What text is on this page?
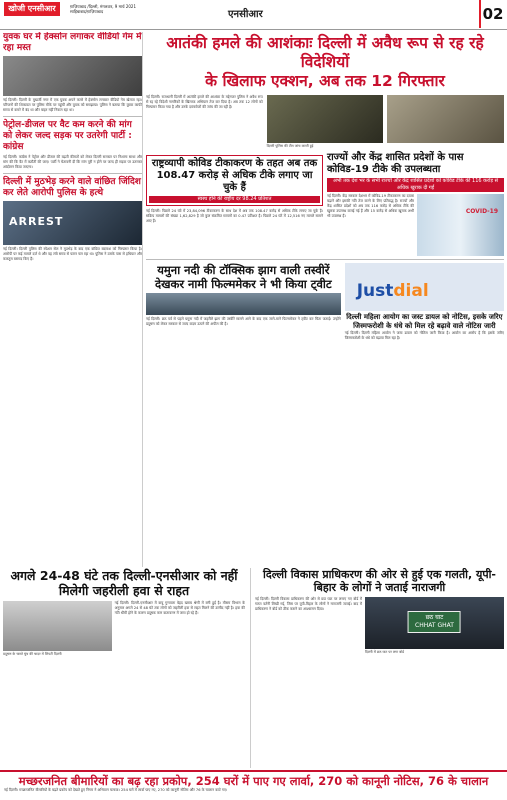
खोजी एनसीआर	ग़ाज़ियाबाद /दिल्ली, मंगलवार, 9 मार्च 2021
साहिबाबाद/ग़ाज़ियाबाद	एनसीआर	02
युवक घर में हेक्सोन लगाकर वीडियो गेम में रहा मस्त
नई दिल्ली। दिल्ली के मुखर्जी नगर में एक युवक अपने कमरे में हेक्सोन लगाकर वीडियो गेम खेलता रहा। परिजनों की शिकायत पर पुलिस मौके पर पहुंची और युवक को समझाया। पुलिस ने बताया कि युवक काफी समय से कमरे में बंद था और बाहर नहीं निकल रहा था।
पेट्रोल-डीजल पर वैट कम करने की मांग को लेकर जल्द सड़क पर उतरेगी पार्टी : कांग्रेस
नई दिल्ली। कांग्रेस ने पेट्रोल और डीजल की बढ़ती कीमतों को लेकर दिल्ली सरकार पर निशाना साधा और मांग की कि वैट में कटौती की जाए। पार्टी ने चेतावनी दी कि मांग पूरी न होने पर जल्द ही सड़क पर उतरकर आंदोलन किया जाएगा।
दिल्ली में मुठभेड़ करने वाले वांछित जिंदिश कर लेते आरोपी पुलिस के हत्थे
ARREST
नई दिल्ली। दिल्ली पुलिस की स्पेशल सेल ने मुठभेड़ के बाद एक वांछित बदमाश को गिरफ्तार किया है। आरोपी पर कई मामले दर्ज थे और वह लंबे समय से फरार चल रहा था। पुलिस ने उसके पास से हथियार और कारतूस बरामद किए हैं।
आतंकी हमले की आशंकाः दिल्ली में अवैध रूप से रह रहे विदेशियों
के खिलाफ एक्शन, अब तक 12 गिरफ्तार
नई दिल्ली। राजधानी दिल्ली में आतंकी हमले की आशंका के मद्देनजर पुलिस ने अवैध रूप से रह रहे विदेशी नागरिकों के खिलाफ अभियान तेज कर दिया है। अब तक 12 लोगों को गिरफ्तार किया गया है और उनके दस्तावेजों की जांच की जा रही है।
दिल्ली पुलिस की टीम जांच करती हुई
राष्ट्रव्यापी कोविड टीकाकरण के तहत अब तक 108.47 करोड़ से अधिक टीके लगाए जा चुके हैं
स्वस्थ होने की राष्ट्रीय दर 98.24 प्रतिशत
नई दिल्ली। पिछले 24 घंटे में 23,84,096 टीकाकरण के साथ देश में अब तक 108.47 करोड़ से अधिक टीके लगाए जा चुके हैं। सक्रिय मामलों की संख्या 1,62,829 है जो कुल संक्रमित मामलों का 0.47 प्रतिशत है। पिछले 24 घंटे में 12,516 नए मामले सामने आए हैं।
राज्यों और केंद्र शासित प्रदेशों के पास कोविड-19 टीके की उपलब्धता
अभी तक देश भर के सभी राज्यों और केंद्र शासित प्रदेशों को कोविड टीके की 116 करोड़ से अधिक खुराक दी गईं
नई दिल्ली। केंद्र सरकार देशभर में कोविड-19 टीकाकरण का दायरा बढ़ाने और इसकी गति तेज करने के लिए प्रतिबद्ध है। राज्यों और केंद्र शासित प्रदेशों को अब तक 116 करोड़ से अधिक टीके की खुराक उपलब्ध कराई गई हैं और 15 करोड़ से अधिक खुराक अभी भी उपलब्ध हैं।
COVID-19
यमुना नदी की टॉक्सिक झाग वाली तस्वीरें देखकर नामी फिल्ममेकर ने भी किया ट्वीट
नई दिल्ली। छठ पर्व से पहले यमुना नदी में जहरीले झाग की तस्वीरें सामने आने के बाद एक जाने-माने फिल्ममेकर ने ट्वीट कर चिंता जताई। उन्होंने प्रदूषण को लेकर सरकार से जल्द कदम उठाने की अपील की है।
Justdial
दिल्ली महिला आयोग का जस्ट डायल को नोटिस, इसके जरिए जिस्मफरोशी के धंधे को मिल रहे बढ़ावे वाले नोटिस जारी
नई दिल्ली। दिल्ली महिला आयोग ने जस्ट डायल को नोटिस जारी किया है। आयोग का आरोप है कि इसके जरिए जिस्मफरोशी के धंधे को बढ़ावा मिल रहा है।
अगले 24-48 घंटे तक दिल्ली-एनसीआर को नहीं मिलेगी जहरीली हवा से राहत
प्रदूषण के चलते धुंध की चादर में लिपटी दिल्ली
नई दिल्ली। दिल्ली-एनसीआर में वायु गुणवत्ता बेहद खराब श्रेणी में बनी हुई है। मौसम विभाग के अनुसार अगले 24 से 48 घंटे तक लोगों को जहरीली हवा से राहत मिलने की उम्मीद नहीं है। हवा की गति धीमी होने के कारण प्रदूषक कण वातावरण में जमा हो रहे हैं।
दिल्ली विकास प्राधिकरण की ओर से हुई एक गलती, यूपी-बिहार के लोगों ने जताई नाराजगी
नई दिल्ली। दिल्ली विकास प्राधिकरण की ओर से छठ घाट पर लगाए गए बोर्ड में गलत वर्तनी लिखी गई, जिस पर यूपी-बिहार के लोगों ने नाराजगी जताई। बाद में प्राधिकरण ने बोर्ड को ठीक कराने का आश्वासन दिया।
छठ घाट
CHHAT GHAT
दिल्ली में छठ घाट पर लगा बोर्ड
मच्छरजनित बीमारियों का बढ़ रहा प्रकोप, 254 घरों में पाए गए लार्वा, 270 को कानूनी नोटिस, 76 के चालान
नई दिल्ली। मच्छरजनित बीमारियों के बढ़ते प्रकोप को देखते हुए निगम ने अभियान चलाया। 254 घरों में लार्वा पाए गए, 270 को कानूनी नोटिस और 76 के चालान काटे गए।
